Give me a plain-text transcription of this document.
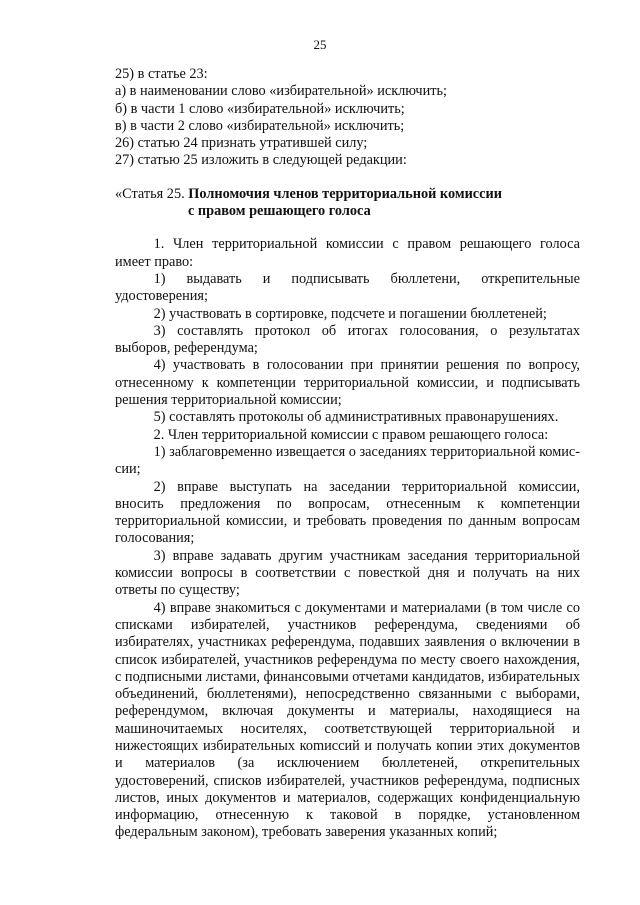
25
25) в статье 23:
а) в наименовании слово «избирательной» исключить;
б) в части 1 слово «избирательной» исключить;
в) в части 2 слово «избирательной» исключить;
26) статью 24 признать утратившей силу;
27) статью 25 изложить в следующей редакции:
«Статья 25. Полномочия членов территориальной комиссии
с правом решающего голоса

1. Член территориальной комиссии с правом решающего голоса имеет право:

1) выдавать и подписывать бюллетени, открепительные удостоверения;

2) участвовать в сортировке, подсчете и погашении бюллетеней;

3) составлять протокол об итогах голосования, о результатах выборов, референдума;

4) участвовать в голосовании при принятии решения по вопросу, отнесенному к компетенции территориальной комиссии, и подписывать решения территориальной комиссии;

5) составлять протоколы об административных правонарушениях.

2. Член территориальной комиссии с правом решающего голоса:

1) заблаговременно извещается о заседаниях территориальной комиссии;

2) вправе выступать на заседании территориальной комиссии, вносить предложения по вопросам, отнесенным к компетенции территориальной комиссии, и требовать проведения по данным вопросам голосования;

3) вправе задавать другим участникам заседания территориальной комиссии вопросы в соответствии с повесткой дня и получать на них ответы по существу;

4) вправе знакомиться с документами и материалами (в том числе со списками избирателей, участников референдума, сведениями об избирателях, участниках референдума, подавших заявления о включении в список избирателей, участников референдума по месту своего нахождения, с подписными листами, финансовыми отчетами кандидатов, избирательных объединений, бюллетенями), непосредственно связанными с выборами, референдумом, включая документы и материалы, находящиеся на машиночитаемых носителях, соответствующей территориальной и нижестоящих избирательных коmиссий и получать копии этих документов и материалов (за исключением бюллетеней, открепительных удостоверений, списков избирателей, участников референдума, подписных листов, иных документов и материалов, содержащих конфиденциальную информацию, отнесенную к таковой в порядке, установленном федеральным законом), требовать заверения указанных копий;
